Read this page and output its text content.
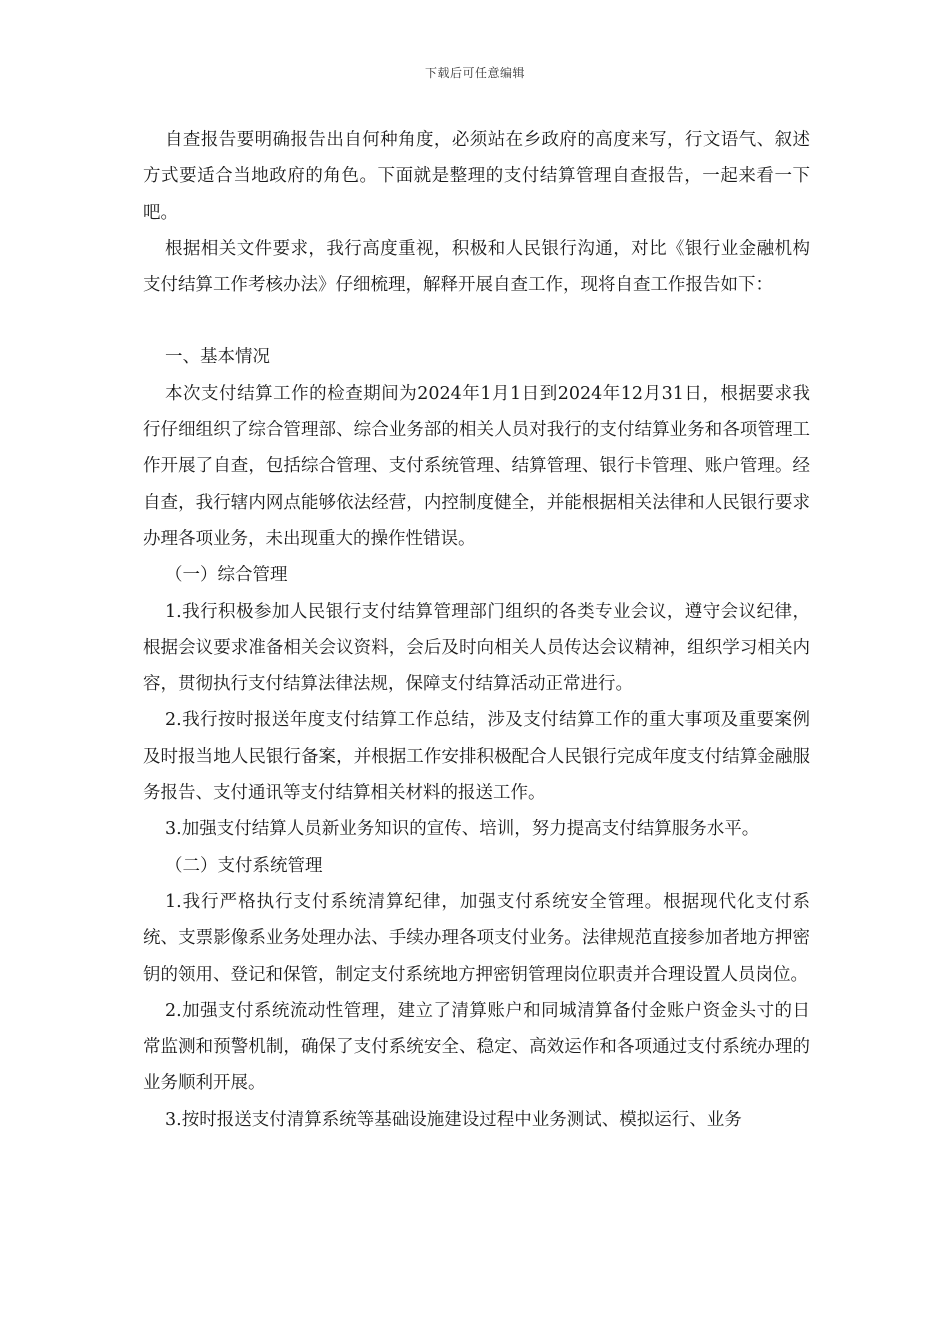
下载后可任意编辑

自查报告要明确报告出自何种角度，必须站在乡政府的高度来写，行文语气、叙述方式要适合当地政府的角色。下面就是整理的支付结算管理自查报告，一起来看一下吧。

根据相关文件要求，我行高度重视，积极和人民银行沟通，对比《银行业金融机构支付结算工作考核办法》仔细梳理，解释开展自查工作，现将自查工作报告如下：

一、基本情况

本次支付结算工作的检查期间为2024年1月1日到2024年12月31日，根据要求我行仔细组织了综合管理部、综合业务部的相关人员对我行的支付结算业务和各项管理工作开展了自查，包括综合管理、支付系统管理、结算管理、银行卡管理、账户管理。经自查，我行辖内网点能够依法经营，内控制度健全，并能根据相关法律和人民银行要求办理各项业务，未出现重大的操作性错误。

（一）综合管理

1.我行积极参加人民银行支付结算管理部门组织的各类专业会议，遵守会议纪律，根据会议要求准备相关会议资料，会后及时向相关人员传达会议精神，组织学习相关内容，贯彻执行支付结算法律法规，保障支付结算活动正常进行。

2.我行按时报送年度支付结算工作总结，涉及支付结算工作的重大事项及重要案例及时报当地人民银行备案，并根据工作安排积极配合人民银行完成年度支付结算金融服务报告、支付通讯等支付结算相关材料的报送工作。

3.加强支付结算人员新业务知识的宣传、培训，努力提高支付结算服务水平。

（二）支付系统管理

1.我行严格执行支付系统清算纪律，加强支付系统安全管理。根据现代化支付系统、支票影像系业务处理办法、手续办理各项支付业务。法律规范直接参加者地方押密钥的领用、登记和保管，制定支付系统地方押密钥管理岗位职责并合理设置人员岗位。

2.加强支付系统流动性管理，建立了清算账户和同城清算备付金账户资金头寸的日常监测和预警机制，确保了支付系统安全、稳定、高效运作和各项通过支付系统办理的业务顺利开展。

3.按时报送支付清算系统等基础设施建设过程中业务测试、模拟运行、业务
